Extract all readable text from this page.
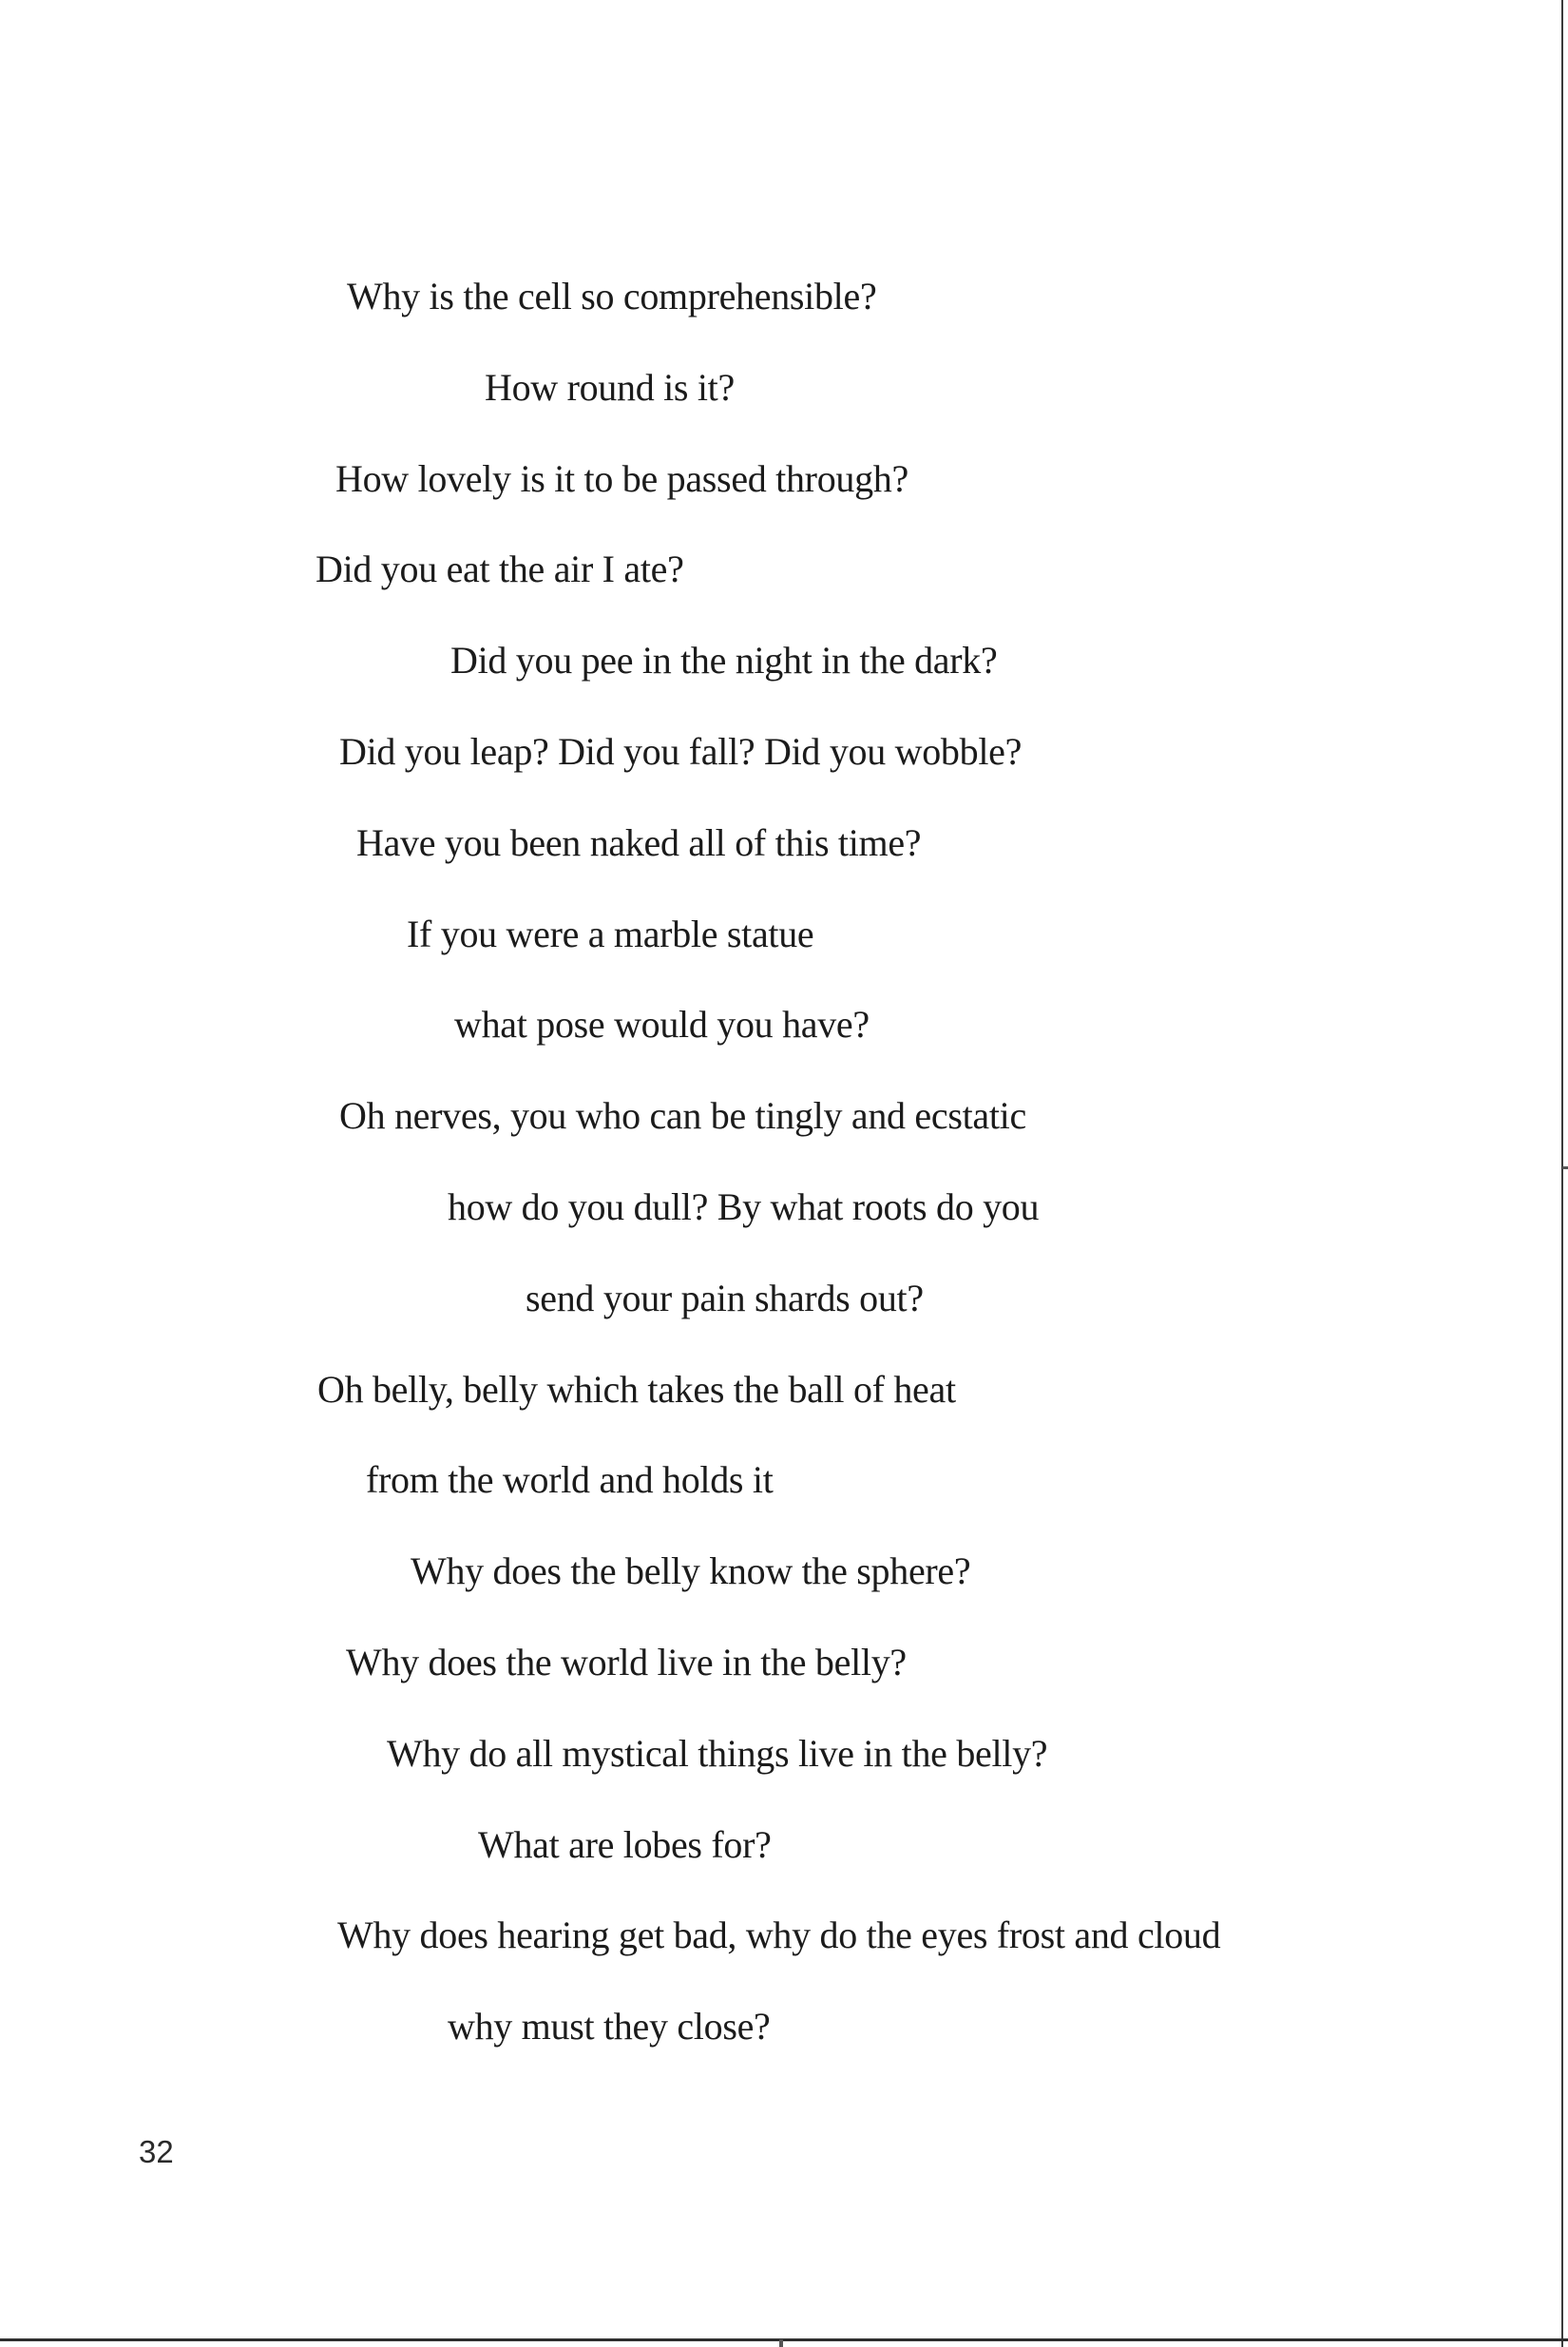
Why is the cell so comprehensible?
How round is it?
How lovely is it to be passed through?
Did you eat the air I ate?
Did you pee in the night in the dark?
Did you leap? Did you fall? Did you wobble?
Have you been naked all of this time?
If you were a marble statue
what pose would you have?
Oh nerves, you who can be tingly and ecstatic
how do you dull? By what roots do you
send your pain shards out?
Oh belly, belly which takes the ball of heat
from the world and holds it
Why does the belly know the sphere?
Why does the world live in the belly?
Why do all mystical things live in the belly?
What are lobes for?
Why does hearing get bad, why do the eyes frost and cloud
why must they close?
32
